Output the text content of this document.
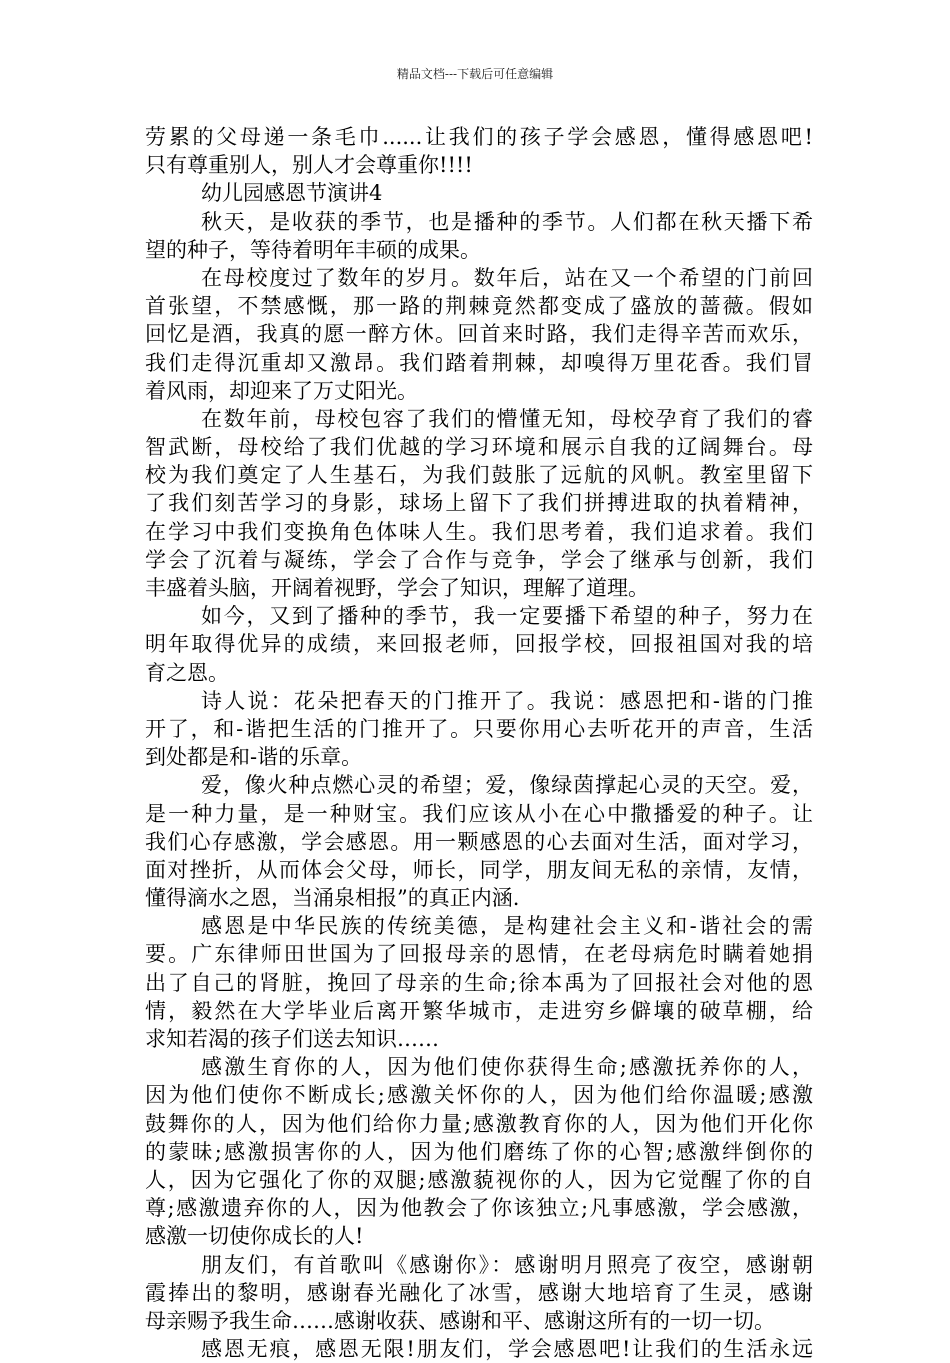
精品文档---下载后可任意编辑
劳累的父母递一条毛巾......让我们的孩子学会感恩，懂得感恩吧!
只有尊重别人，别人才会尊重你!!!!
幼儿园感恩节演讲4
秋天，是收获的季节，也是播种的季节。人们都在秋天播下希
望的种子，等待着明年丰硕的成果。
在母校度过了数年的岁月。数年后，站在又一个希望的门前回
首张望，不禁感慨，那一路的荆棘竟然都变成了盛放的蔷薇。假如
回忆是酒，我真的愿一醉方休。回首来时路，我们走得辛苦而欢乐，
我们走得沉重却又激昂。我们踏着荆棘，却嗅得万里花香。我们冒
着风雨，却迎来了万丈阳光。
在数年前，母校包容了我们的懵懂无知，母校孕育了我们的睿
智武断，母校给了我们优越的学习环境和展示自我的辽阔舞台。母
校为我们奠定了人生基石，为我们鼓胀了远航的风帆。教室里留下
了我们刻苦学习的身影，球场上留下了我们拼搏进取的执着精神，
在学习中我们变换角色体味人生。我们思考着，我们追求着。我们
学会了沉着与凝练，学会了合作与竞争，学会了继承与创新，我们
丰盛着头脑，开阔着视野，学会了知识，理解了道理。
如今，又到了播种的季节，我一定要播下希望的种子，努力在
明年取得优异的成绩，来回报老师，回报学校，回报祖国对我的培
育之恩。
诗人说：花朵把春天的门推开了。我说：感恩把和-谐的门推
开了，和-谐把生活的门推开了。只要你用心去听花开的声音，生活
到处都是和-谐的乐章。
爱，像火种点燃心灵的希望；爱，像绿茵撑起心灵的天空。爱，
是一种力量，是一种财宝。我们应该从小在心中撒播爱的种子。让
我们心存感激，学会感恩。用一颗感恩的心去面对生活，面对学习，
面对挫折，从而体会父母，师长，同学，朋友间无私的亲情，友情，
懂得滴水之恩，当涌泉相报”的真正内涵.
感恩是中华民族的传统美德，是构建社会主义和-谐社会的需
要。广东律师田世国为了回报母亲的恩情，在老母病危时瞒着她捐
出了自己的肾脏，挽回了母亲的生命;徐本禹为了回报社会对他的恩
情，毅然在大学毕业后离开繁华城市，走进穷乡僻壤的破草棚，给
求知若渴的孩子们送去知识……
感激生育你的人，因为他们使你获得生命;感激抚养你的人，
因为他们使你不断成长;感激关怀你的人，因为他们给你温暖;感激
鼓舞你的人，因为他们给你力量;感激教育你的人，因为他们开化你
的蒙昧;感激损害你的人，因为他们磨练了你的心智;感激绊倒你的
人，因为它强化了你的双腿;感激藐视你的人，因为它觉醒了你的自
尊;感激遗弃你的人，因为他教会了你该独立;凡事感激，学会感激，
感激一切使你成长的人!
朋友们，有首歌叫《感谢你》：感谢明月照亮了夜空，感谢朝
霞捧出的黎明，感谢春光融化了冰雪，感谢大地培育了生灵，感谢
母亲赐予我生命……感谢收获、感谢和平、感谢这所有的一切一切。
感恩无痕，感恩无限!朋友们，学会感恩吧!让我们的生活永远
